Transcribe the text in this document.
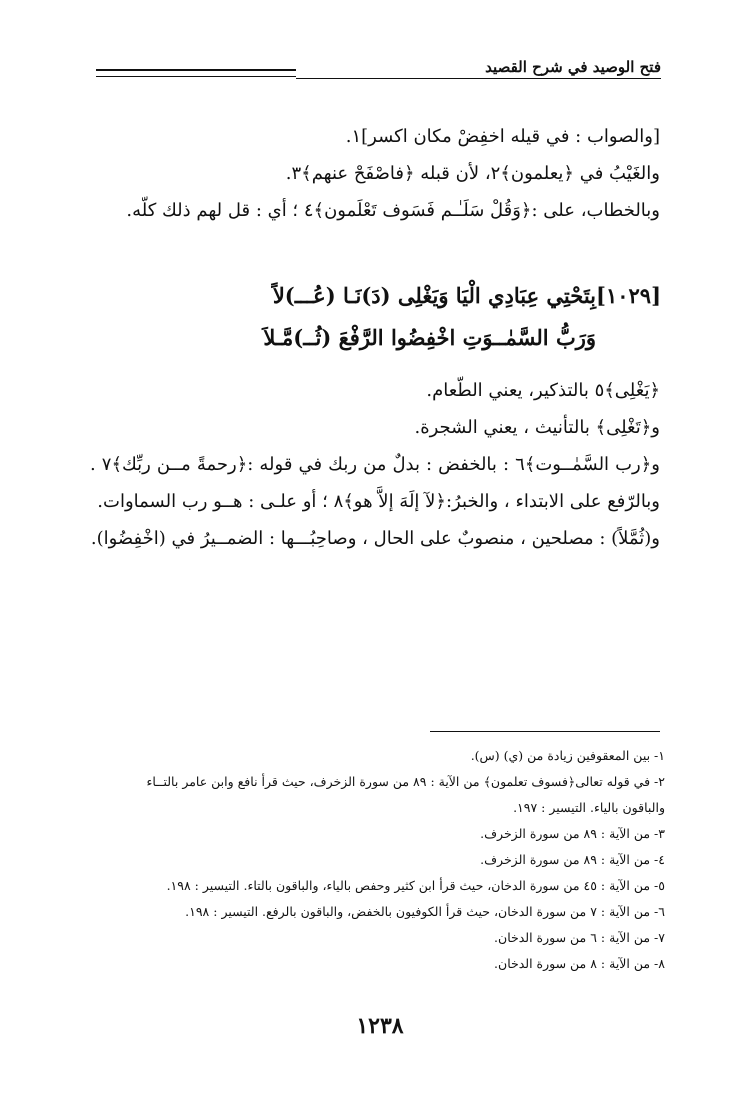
فتح الوصيد في شرح القصيد

[والصواب : في قيله اخفِضْ مكان اكسر]١.

والغَيْبُ في ﴿يعلمون﴾٢، لأن قبله ﴿فاصْفَحْ عنهم﴾٣.

وبالخطاب، على :﴿وَقُلْ سَلَـٰـم فَسَوف تَعْلَمون﴾٤ ؛ أي : قل لهم ذلك كلّه.

[١٠٢٩]بِتَحْتِي عِبَادِي الْيَا وَيَغْلِى (دَ)نَـا (عُـــ)لاً
وَرَبُّ السَّمٰــوَتِ اخْفِضُوا الرَّفْعَ (ثُــ)مَّـلاَ

﴿يَغْلِى﴾٥ بالتذكير، يعني الطّعام.

و﴿تَغْلِى﴾ بالتأنيث ، يعني الشجرة.

و﴿رب السَّمٰــوت﴾٦ : بالخفض : بدلٌ من ربك في قوله :﴿رحمةً مــن ربِّك﴾٧ . وبالرّفع على الابتداء ، والخبرُ:﴿لآ إلَهَ إلاَّ هو﴾٨ ؛ أو علـى : هــو رب السماوات.

و(ثُمَّلاً) : مصلحين ، منصوبٌ على الحال ، وصاحِبُـــها : الضمــيرُ في (اخْفِضُوا).

١- بين المعقوفين زيادة من (ي) (س).
٢- في قوله تعالى﴿فسوف تعلمون﴾ من الآية : ٨٩ من سورة الزخرف، حيث قرأ نافع وابن عامر بالتــاء
والباقون بالياء. التيسير : ١٩٧.
٣- من الآية : ٨٩ من سورة الزخرف.
٤- من الآية : ٨٩ من سورة الزخرف.
٥- من الآية : ٤٥ من سورة الدخان، حيث قرأ ابن كثير وحفص بالياء، والباقون بالتاء. التيسير : ١٩٨.
٦- من الآية : ٧ من سورة الدخان، حيث قرأ الكوفيون بالخفض، والباقون بالرفع. التيسير : ١٩٨.
٧- من الآية : ٦ من سورة الدخان.
٨- من الآية : ٨ من سورة الدخان.
١٢٣٨
